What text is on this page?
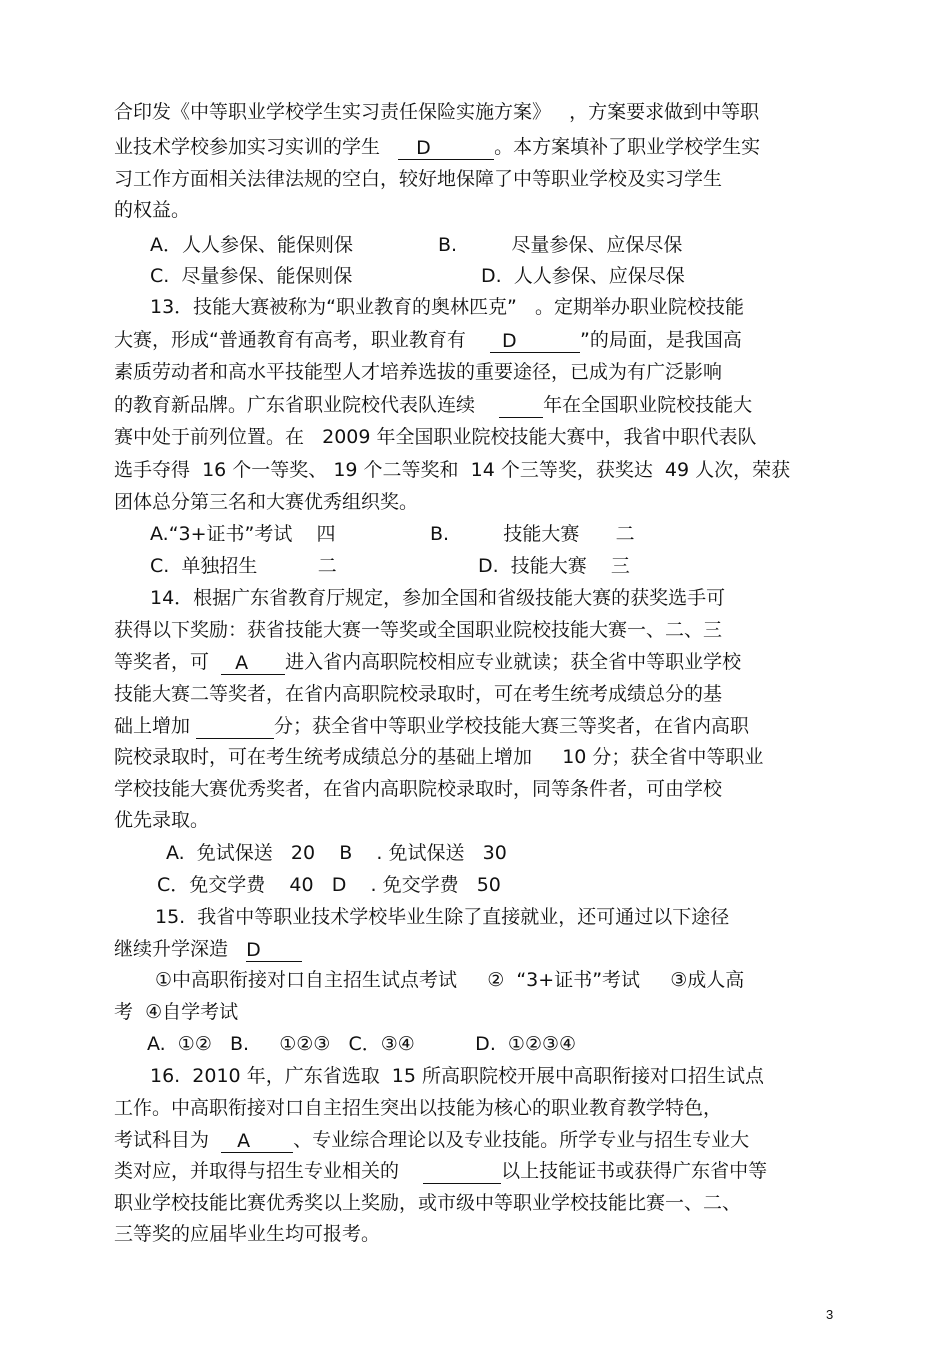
合印发《中等职业学校学生实习责任保险实施方案》   ，方案要求做到中等职
业技术学校参加实习实训的学生   D	。本方案填补了职业学校学生实
习工作方面相关法律法规的空白，较好地保障了中等职业学校及实习学生
的权益。
A．人人参保、能保则保	B.         尽量参保、应保尽保
C.  尽量参保、能保则保	D.  人人参保、应保尽保
13．技能大赛被称为“职业教育的奥林匹克”   。定期举办职业院校技能
大赛，形成“普通教育有高考，职业教育有    D	”的局面，是我国高
素质劳动者和高水平技能型人才培养选拔的重要途径，已成为有广泛影响
的教育新品牌。广东省职业院校代表队连续    年在全国职业院校技能大
赛中处于前列位置。在   2009 年全国职业院校技能大赛中，我省中职代表队
选手夺得  16 个一等奖、 19 个二等奖和  14 个三等奖，获奖达  49 人次，荣获
团体总分第三名和大赛优秀组织奖。
A.“3+证书”考试    四	B.         技能大赛      二
C.  单独招生          二	D.  技能大赛    三
14．根据广东省教育厅规定，参加全国和省级技能大赛的获奖选手可
获得以下奖励：获省技能大赛一等奖或全国职业院校技能大赛一、二、三
等奖者，可  A 进入省内高职院校相应专业就读；获全省中等职业学校
技能大赛二等奖者，在省内高职院校录取时，可在考生统考成绩总分的基
础上增加	分；获全省中等职业学校技能大赛三等奖者，在省内高职
院校录取时，可在考生统考成绩总分的基础上增加     10 分；获全省中等职业
学校技能大赛优秀奖者，在省内高职院校录取时，同等条件者，可由学校
优先录取。
A.  免试保送   20    B    . 免试保送   30
C．免交学费    40   D    . 免交学费   50
15.  我省中等职业技术学校毕业生除了直接就业，还可通过以下途径
继续升学深造   D
①中高职衔接对口自主招生试点考试     ②  “3+证书”考试     ③成人高
考  ④自学考试
A.  ①②   B.     ①②③   C．③④          D.  ①②③④
16.  2010 年，广东省选取  15 所高职院校开展中高职衔接对口招生试点
工作。中高职衔接对口自主招生突出以技能为核心的职业教育教学特色，
考试科目为  A 、专业综合理论以及专业技能。所学专业与招生专业大
类对应，并取得与招生专业相关的	以上技能证书或获得广东省中等
职业学校技能比赛优秀奖以上奖励，或市级中等职业学校技能比赛一、二、
三等奖的应届毕业生均可报考。
3
